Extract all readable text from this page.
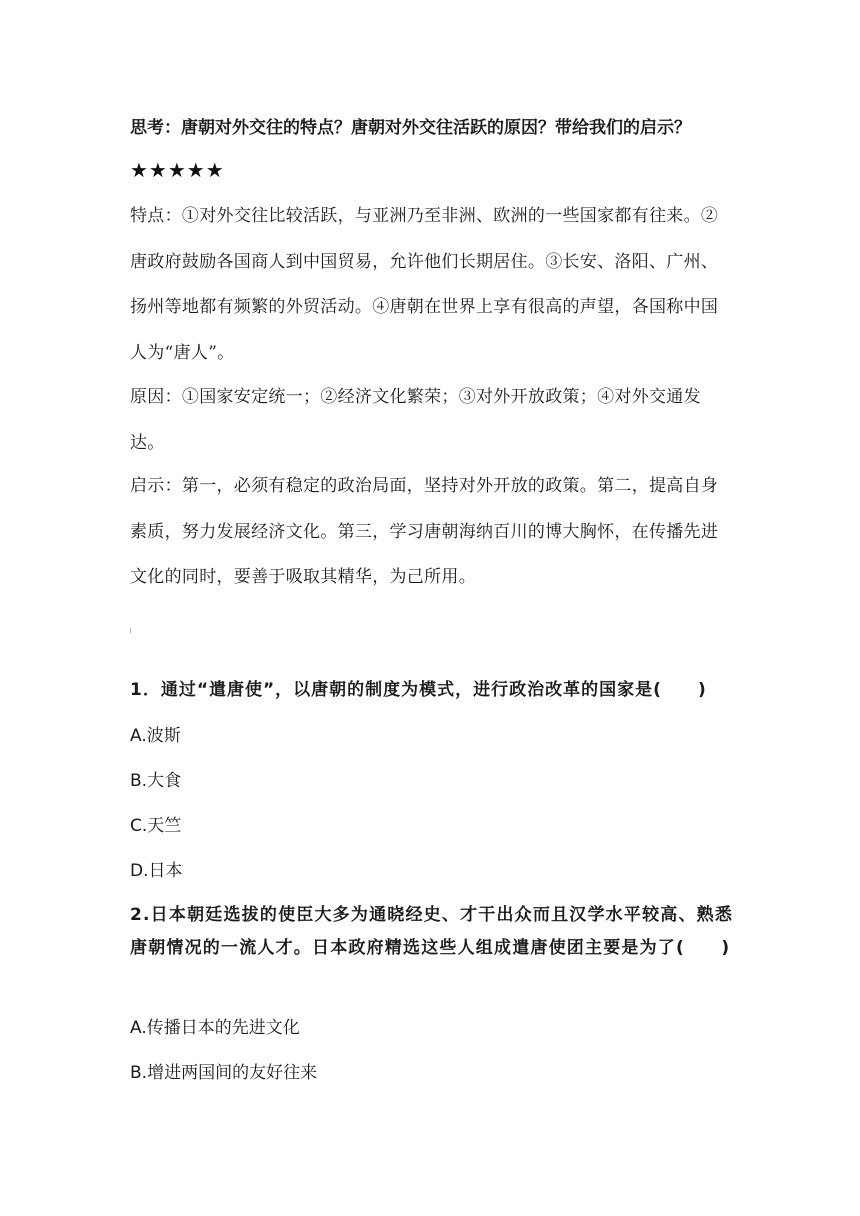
思考：唐朝对外交往的特点？唐朝对外交往活跃的原因？带给我们的启示？
★★★★★
特点：①对外交往比较活跃，与亚洲乃至非洲、欧洲的一些国家都有往来。②唐政府鼓励各国商人到中国贸易，允许他们长期居住。③长安、洛阳、广州、扬州等地都有频繁的外贸活动。④唐朝在世界上享有很高的声望，各国称中国人为“唐人”。
原因：①国家安定统一；②经济文化繁荣；③对外开放政策；④对外交通发达。
启示：第一，必须有稳定的政治局面，坚持对外开放的政策。第二，提高自身素质，努力发展经济文化。第三，学习唐朝海纳百川的博大胸怀，在传播先进文化的同时，要善于吸取其精华，为己所用。
1．通过“遣唐使”，以唐朝的制度为模式，进行政治改革的国家是(　　)
A.波斯
B.大食
C.天竺
D.日本
2.日本朝廷选拔的使臣大多为通晓经史、才干出众而且汉学水平较高、熟悉唐朝情况的一流人才。日本政府精选这些人组成遣唐使团主要是为了(　　)
A.传播日本的先进文化
B.增进两国间的友好往来
